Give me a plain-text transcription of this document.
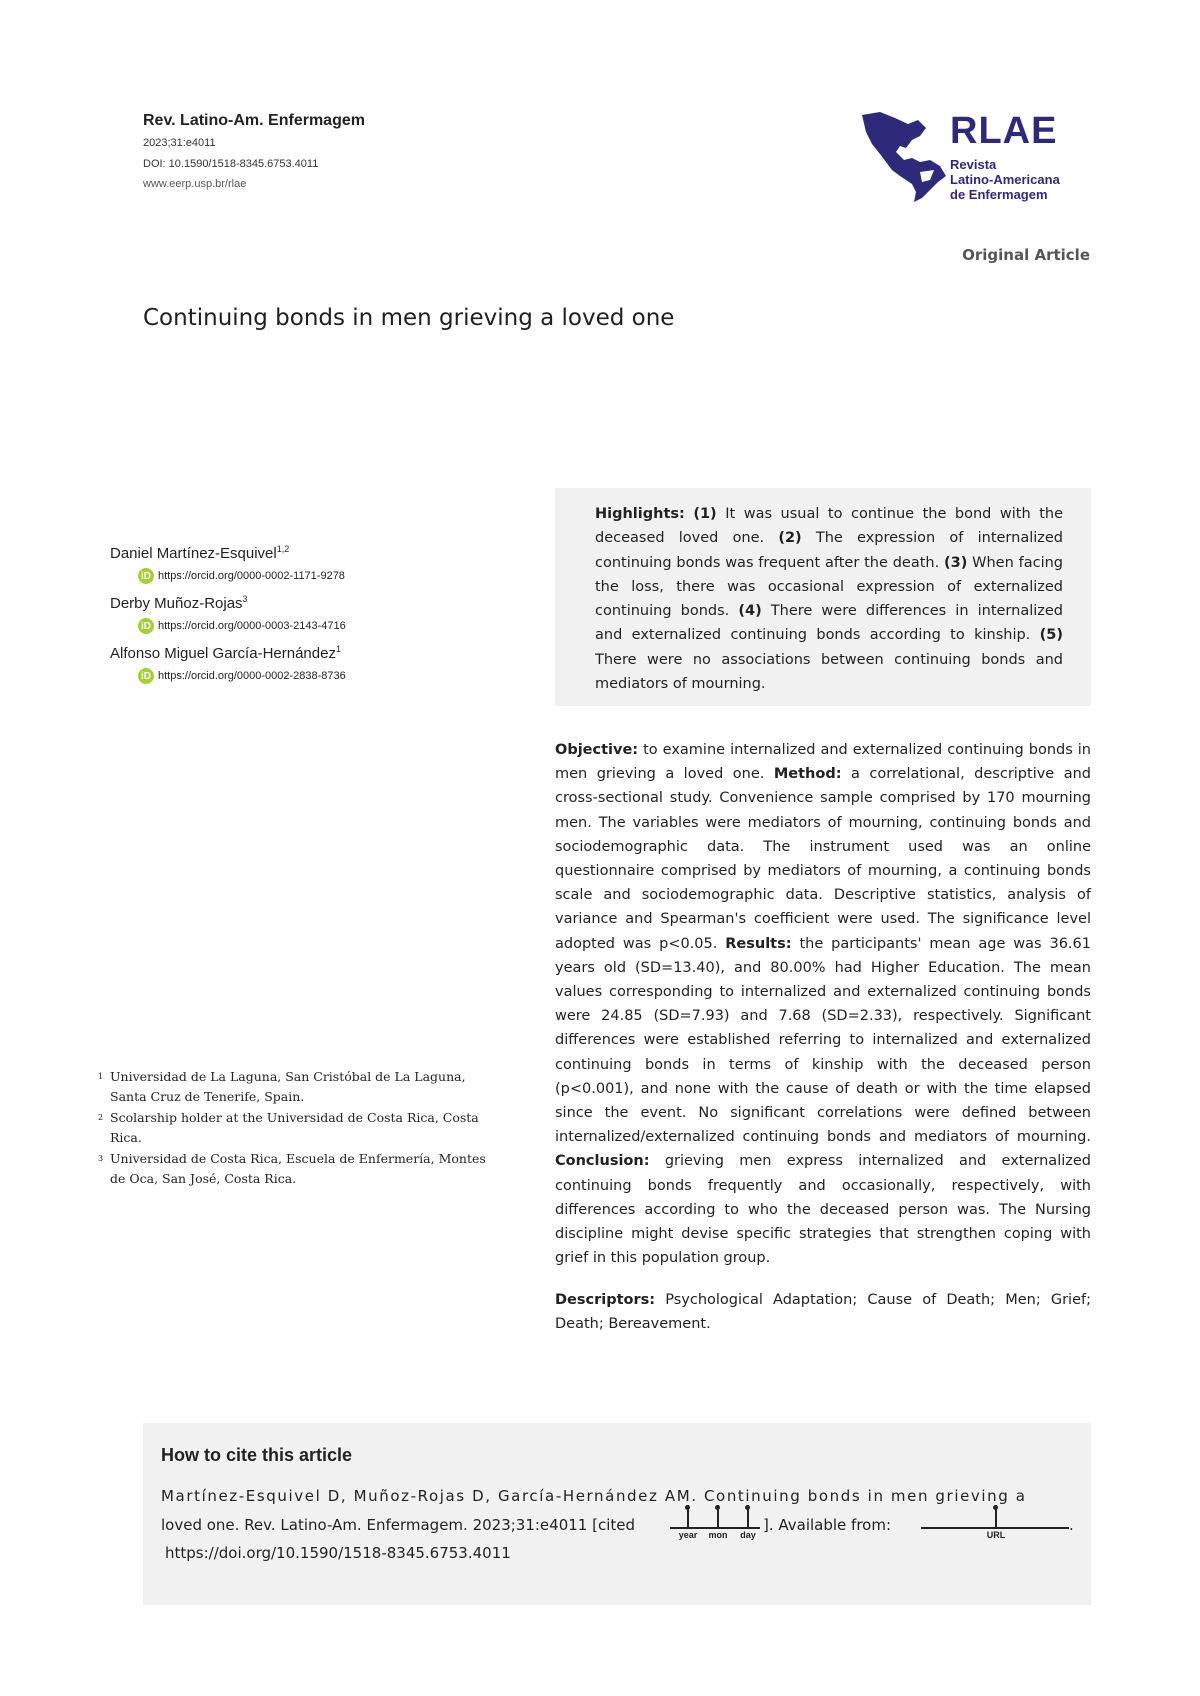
Rev. Latino-Am. Enfermagem
2023;31:e4011
DOI: 10.1590/1518-8345.6753.4011
www.eerp.usp.br/rlae
RLAE
Revista
Latino-Americana
de Enfermagem
Original Article
Continuing bonds in men grieving a loved one
Daniel Martínez-Esquivel$^{1,2}$
iD https://orcid.org/0000-0002-1171-9278
Derby Muñoz-Rojas$^3$
iD https://orcid.org/0000-0003-2143-4716
Alfonso Miguel García-Hernández$^1$
iD https://orcid.org/0000-0002-2838-8736
Highlights: (1) It was usual to continue the bond with the deceased loved one. (2) The expression of internalized continuing bonds was frequent after the death. (3) When facing the loss, there was occasional expression of externalized continuing bonds. (4) There were differences in internalized and externalized continuing bonds according to kinship. (5) There were no associations between continuing bonds and mediators of mourning.
Objective: to examine internalized and externalized continuing bonds in men grieving a loved one. Method: a correlational, descriptive and cross-sectional study. Convenience sample comprised by 170 mourning men. The variables were mediators of mourning, continuing bonds and sociodemographic data. The instrument used was an online questionnaire comprised by mediators of mourning, a continuing bonds scale and sociodemographic data. Descriptive statistics, analysis of variance and Spearman's coefficient were used. The significance level adopted was p<0.05. Results: the participants' mean age was 36.61 years old (SD=13.40), and 80.00% had Higher Education. The mean values corresponding to internalized and externalized continuing bonds were 24.85 (SD=7.93) and 7.68 (SD=2.33), respectively. Significant differences were established referring to internalized and externalized continuing bonds in terms of kinship with the deceased person (p<0.001), and none with the cause of death or with the time elapsed since the event. No significant correlations were defined between internalized/externalized continuing bonds and mediators of mourning. Conclusion: grieving men express internalized and externalized continuing bonds frequently and occasionally, respectively, with differences according to who the deceased person was. The Nursing discipline might devise specific strategies that strengthen coping with grief in this population group.
Descriptors: Psychological Adaptation; Cause of Death; Men; Grief; Death; Bereavement.
1 Universidad de La Laguna, San Cristóbal de La Laguna, Santa Cruz de Tenerife, Spain.
2 Scolarship holder at the Universidad de Costa Rica, Costa Rica.
3 Universidad de Costa Rica, Escuela de Enfermería, Montes de Oca, San José, Costa Rica.
How to cite this article
Martínez-Esquivel D, Muñoz-Rojas D, García-Hernández AM. Continuing bonds in men grieving a
loved one. Rev. Latino-Am. Enfermagem. 2023;31:e4011 [cited
year	mon	day
]. Available from:
URL
.
https://doi.org/10.1590/1518-8345.6753.4011
